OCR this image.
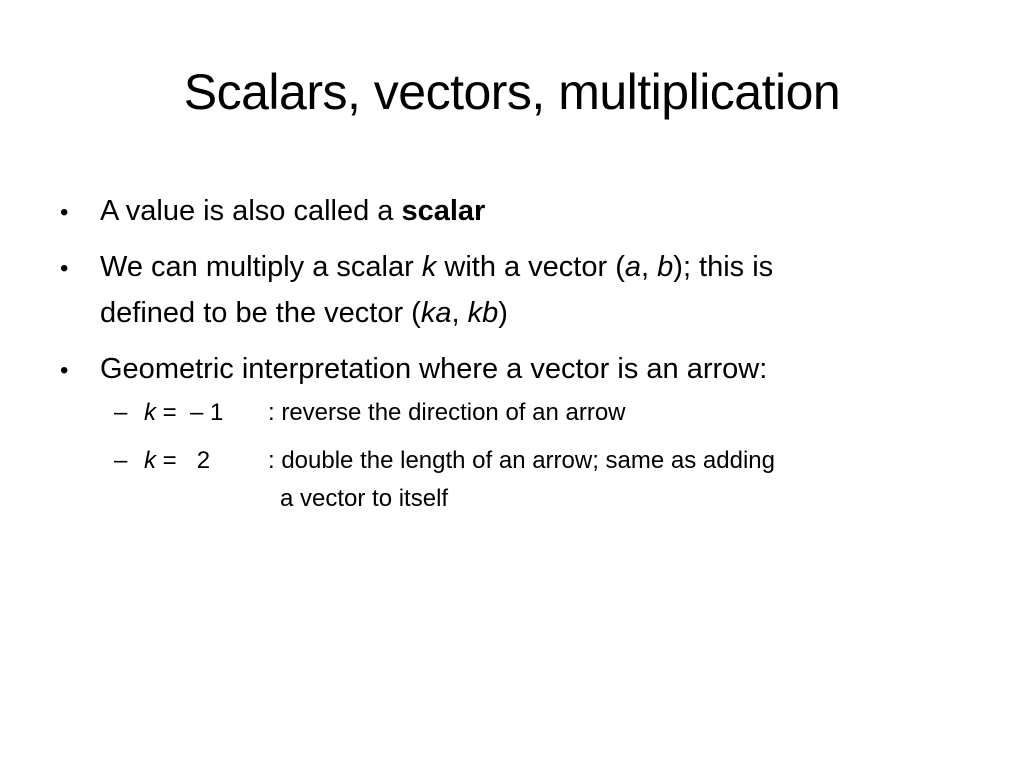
Scalars, vectors, multiplication
•
A value is also called a scalar
•
We can multiply a scalar k with a vector (a, b); this is
defined to be the vector (ka, kb)
•
Geometric interpretation where a vector is an arrow:
– k =  – 1 : reverse the direction of an arrow
– k =   2 : double the length of an arrow; same as adding
a vector to itself
